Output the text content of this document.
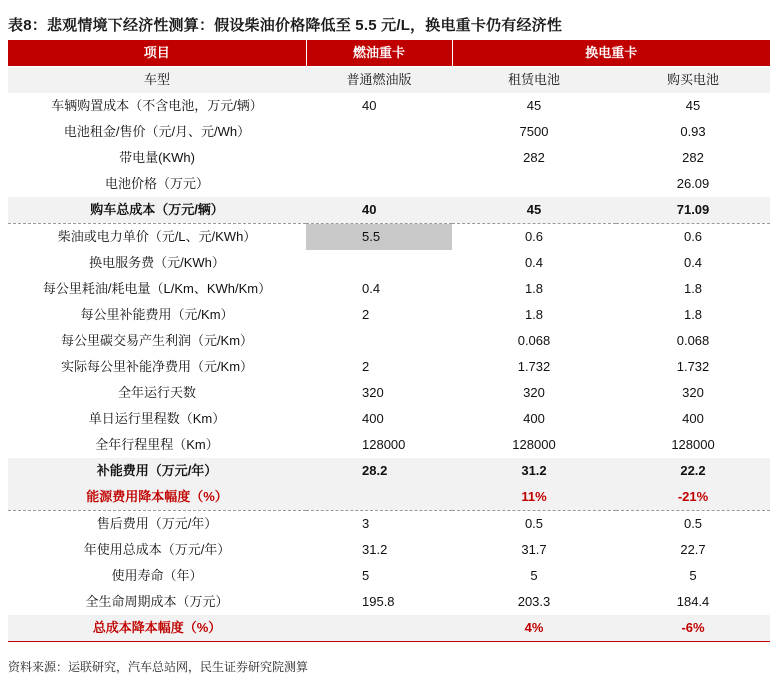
表8：悲观情境下经济性测算：假设柴油价格降低至 5.5 元/L，换电重卡仍有经济性
项目	燃油重卡	换电重卡	
车型	普通燃油版	租赁电池	购买电池
车辆购置成本（不含电池，万元/辆）	40	45	45
电池租金/售价（元/月、元/Wh）		7500	0.93
带电量(KWh)		282	282
电池价格（万元）			26.09
购车总成本（万元/辆）	40	45	71.09
柴油或电力单价（元/L、元/KWh）	5.5	0.6	0.6
换电服务费（元/KWh）		0.4	0.4
每公里耗油/耗电量（L/Km、KWh/Km）	0.4	1.8	1.8
每公里补能费用（元/Km）	2	1.8	1.8
每公里碳交易产生利润（元/Km）		0.068	0.068
实际每公里补能净费用（元/Km）	2	1.732	1.732
全年运行天数	320	320	320
单日运行里程数（Km）	400	400	400
全年行程里程（Km）	128000	128000	128000
补能费用（万元/年）	28.2	31.2	22.2
能源费用降本幅度（%）		11%	-21%
售后费用（万元/年）	3	0.5	0.5
年使用总成本（万元/年）	31.2	31.7	22.7
使用寿命（年）	5	5	5
全生命周期成本（万元）	195.8	203.3	184.4
总成本降本幅度（%）		4%	-6%
资料来源：运联研究，汽车总站网，民生证券研究院测算
